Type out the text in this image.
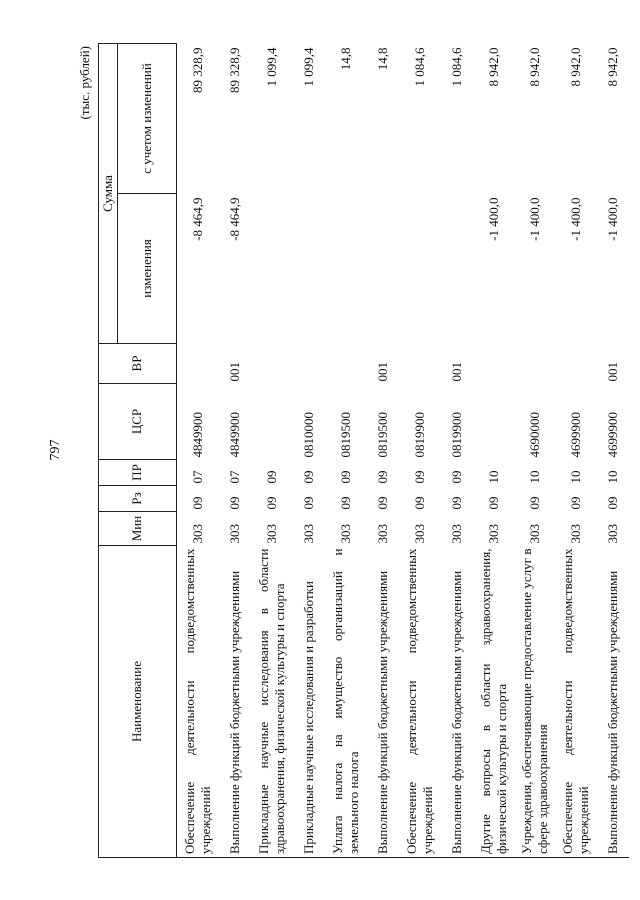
797
(тыс. рублей)
Наименование	Мин	Рз	ПР	ЦСР	ВР	Сумма	
						изменения	с учетом изменений
Обеспечение деятельности подведомственных учреждений	303	09	07	4849900		-8 464,9	89 328,9
Выполнение функций бюджетными учреждениями	303	09	07	4849900	001	-8 464,9	89 328,9
Прикладные научные исследования в области здравоохранения, физической культуры и спорта	303	09	09				1 099,4
Прикладные научные исследования и разработки	303	09	09	0810000			1 099,4
Уплата налога на имущество организаций и земельного налога	303	09	09	0819500			14,8
Выполнение функций бюджетными учреждениями	303	09	09	0819500	001		14,8
Обеспечение деятельности подведомственных учреждений	303	09	09	0819900			1 084,6
Выполнение функций бюджетными учреждениями	303	09	09	0819900	001		1 084,6
Другие вопросы в области здравоохранения, физической культуры и спорта	303	09	10			-1 400,0	8 942,0
Учреждения, обеспечивающие предоставление услуг в сфере здравоохранения	303	09	10	4690000		-1 400,0	8 942,0
Обеспечение деятельности подведомственных учреждений	303	09	10	4699900		-1 400,0	8 942,0
Выполнение функций бюджетными учреждениями	303	09	10	4699900	001	-1 400,0	8 942,0
